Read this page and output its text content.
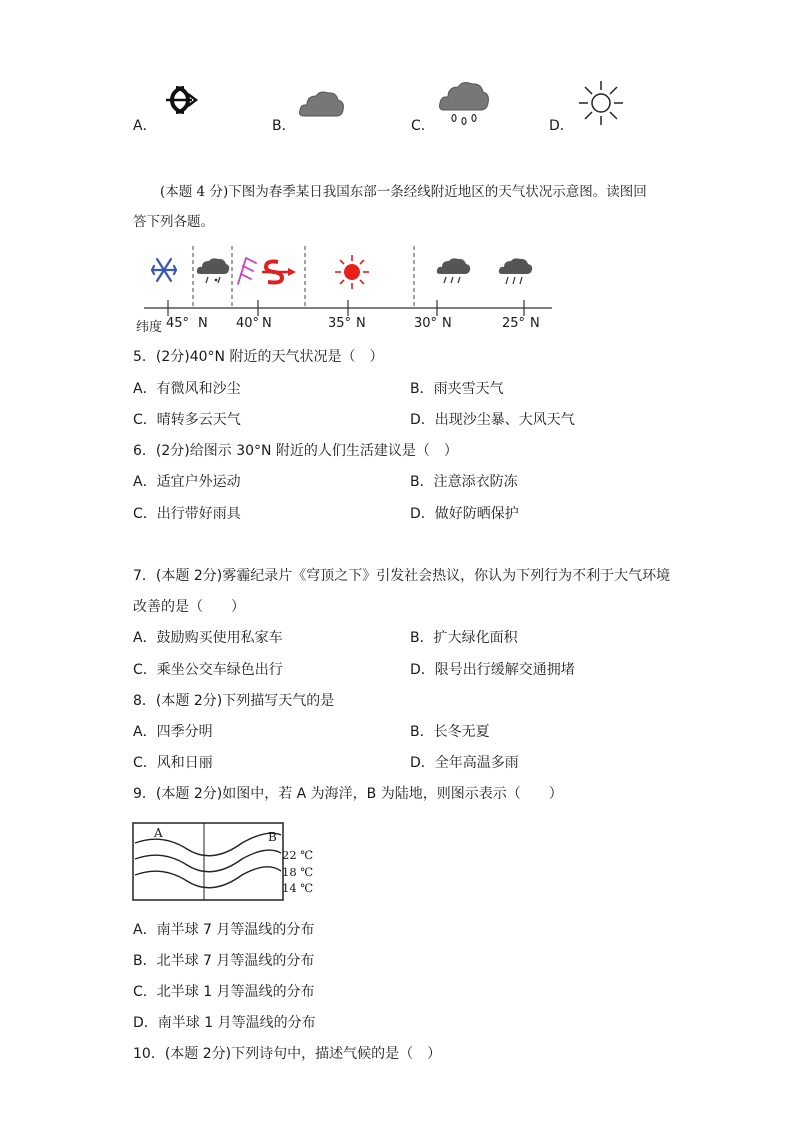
A．	B．	C．	D．
(本题 4 分)下图为春季某日我国东部一条经线附近地区的天气状况示意图。读图回
答下列各题。
纬度 45° N 40° N	35° N	30° N	25° N
5．(2分)40°N 附近的天气状况是（　）
A．有微风和沙尘	B．雨夹雪天气
C．晴转多云天气	D．出现沙尘暴、大风天气
6．(2分)给图示 30°N 附近的人们生活建议是（　）
A．适宜户外运动	B．注意添衣防冻
C．出行带好雨具	D．做好防晒保护
7．(本题 2分)雾霾纪录片《穹顶之下》引发社会热议，你认为下列行为不利于大气环境
改善的是（　　）
A．鼓励购买使用私家车	B．扩大绿化面积
C．乘坐公交车绿色出行	D．限号出行缓解交通拥堵
8．(本题 2分)下列描写天气的是
A．四季分明	B．长冬无夏
C．风和日丽	D．全年高温多雨
9．(本题 2分)如图中，若 A 为海洋，B 为陆地，则图示表示（　　）
A	B
22 ℃
18 ℃
14 ℃
A．南半球 7 月等温线的分布
B．北半球 7 月等温线的分布
C．北半球 1 月等温线的分布
D．南半球 1 月等温线的分布
10．(本题 2分)下列诗句中，描述气候的是（　）
